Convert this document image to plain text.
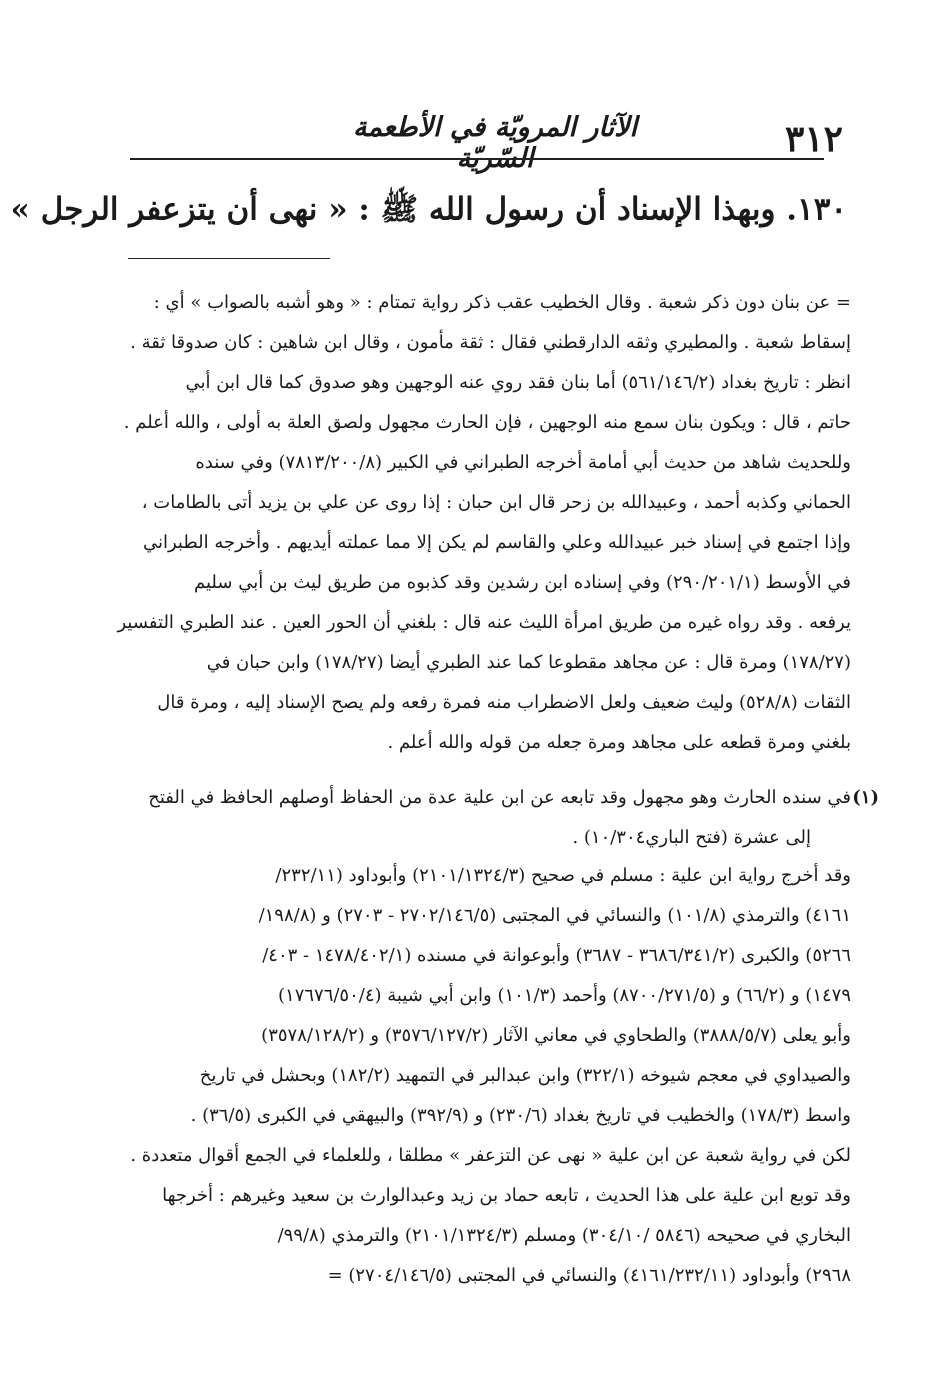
٣١٢
الآثار المرويّة في الأطعمة السّريّة
١٣٠. وبهذا الإسناد أن رسول الله ﷺ : « نهى أن يتزعفر الرجل »
= عن بنان دون ذكر شعبة . وقال الخطيب عقب ذكر رواية تمتام : « وهو أشبه بالصواب » أي :
إسقاط شعبة . والمطيري وثقه الدارقطني فقال : ثقة مأمون ، وقال ابن شاهين : كان صدوقا ثقة .
انظر : تاريخ بغداد (٥٦١/١٤٦/٢) أما بنان فقد روي عنه الوجهين وهو صدوق كما قال ابن أبي
حاتم ، قال : ويكون بنان سمع منه الوجهين ، فإن الحارث مجهول ولصق العلة به أولى ، والله أعلم .
وللحديث شاهد من حديث أبي أمامة أخرجه الطبراني في الكبير (٧٨١٣/٢٠٠/٨) وفي سنده
الحماني وكذبه أحمد ، وعبيدالله بن زحر قال ابن حبان : إذا روى عن علي بن يزيد أتى بالطامات ،
وإذا اجتمع في إسناد خبر عبيدالله وعلي والقاسم لم يكن إلا مما عملته أيديهم . وأخرجه الطبراني
في الأوسط (٢٩٠/٢٠١/١) وفي إسناده ابن رشدين وقد كذبوه من طريق ليث بن أبي سليم
يرفعه . وقد رواه غيره من طريق امرأة الليث عنه قال : بلغني أن الحور العين . عند الطبري التفسير
(١٧٨/٢٧) ومرة قال : عن مجاهد مقطوعا كما عند الطبري أيضا (١٧٨/٢٧) وابن حبان في
الثقات (٥٢٨/٨) وليث ضعيف ولعل الاضطراب منه فمرة رفعه ولم يصح الإسناد إليه ، ومرة قال
بلغني ومرة قطعه على مجاهد ومرة جعله من قوله والله أعلم .
(١)
في سنده الحارث وهو مجهول وقد تابعه عن ابن علية عدة من الحفاظ أوصلهم الحافظ في الفتح
إلى عشرة (فتح الباري١٠/٣٠٤) .
وقد أخرج رواية ابن علية : مسلم في صحيح (٢١٠١/١٣٢٤/٣) وأبوداود (٢٣٢/١١/
٤١٦١) والترمذي (١٠١/٨) والنسائي في المجتبى (٢٧٠٢/١٤٦/٥ - ٢٧٠٣) و (١٩٨/٨/
٥٢٦٦) والكبرى (٣٦٨٦/٣٤١/٢ - ٣٦٨٧) وأبوعوانة في مسنده (١٤٧٨/٤٠٢/١ - ٤٠٣/
١٤٧٩) و (٦٦/٢) و (٨٧٠٠/٢٧١/٥) وأحمد (١٠١/٣) وابن أبي شيبة (١٧٦٧٦/٥٠/٤)
وأبو يعلى (٣٨٨٨/٥/٧) والطحاوي في معاني الآثار (٣٥٧٦/١٢٧/٢) و (٣٥٧٨/١٢٨/٢)
والصيداوي في معجم شيوخه (٣٢٢/١) وابن عبدالبر في التمهيد (١٨٢/٢) وبحشل في تاريخ
واسط (١٧٨/٣) والخطيب في تاريخ بغداد (٢٣٠/٦) و (٣٩٢/٩) والبيهقي في الكبرى (٣٦/٥) .
لكن في رواية شعبة عن ابن علية « نهى عن التزعفر » مطلقا ، وللعلماء في الجمع أقوال متعددة .
وقد توبع ابن علية على هذا الحديث ، تابعه حماد بن زيد وعبدالوارث بن سعيد وغيرهم : أخرجها
البخاري في صحيحه (٥٨٤٦ /٣٠٤/١٠) ومسلم (٢١٠١/١٣٢٤/٣) والترمذي (٩٩/٨/
٢٩٦٨) وأبوداود (٤١٦١/٢٣٢/١١) والنسائي في المجتبى (٢٧٠٤/١٤٦/٥) =
